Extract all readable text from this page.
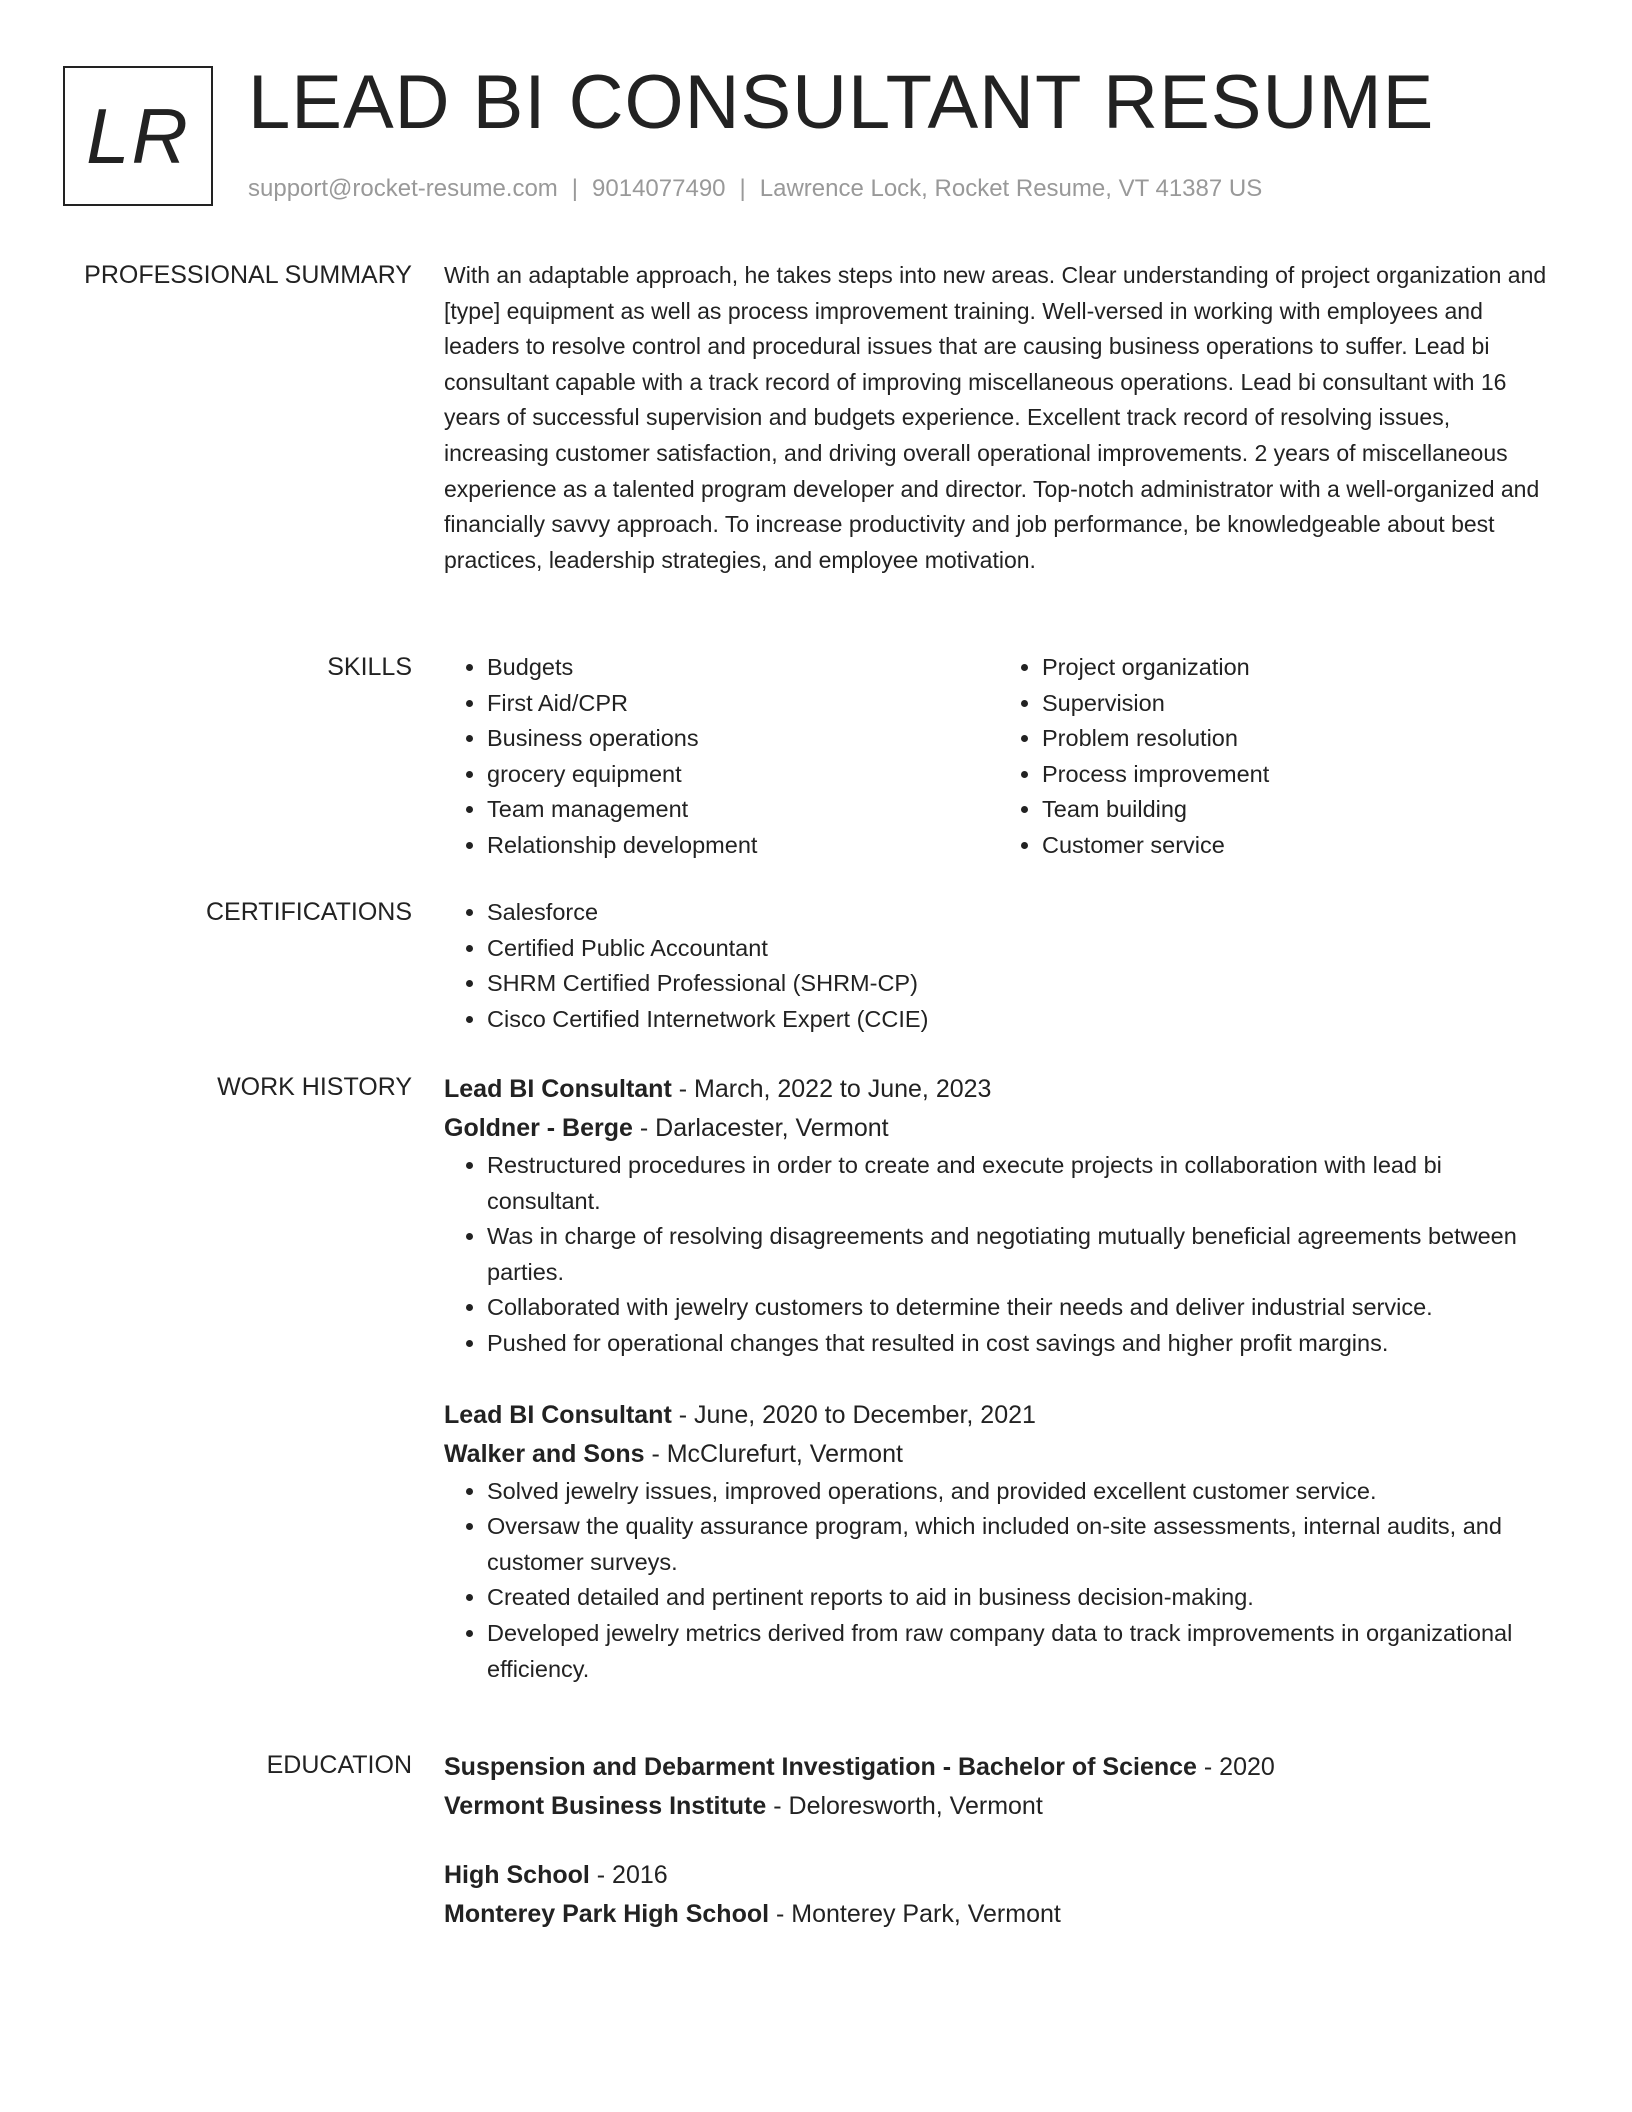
LR LEAD BI CONSULTANT RESUME
support@rocket-resume.com | 9014077490 | Lawrence Lock, Rocket Resume, VT 41387 US
PROFESSIONAL SUMMARY With an adaptable approach, he takes steps into new areas. Clear understanding of project organization and [type] equipment as well as process improvement training. Well-versed in working with employees and leaders to resolve control and procedural issues that are causing business operations to suffer. Lead bi consultant capable with a track record of improving miscellaneous operations. Lead bi consultant with 16 years of successful supervision and budgets experience. Excellent track record of resolving issues, increasing customer satisfaction, and driving overall operational improvements. 2 years of miscellaneous experience as a talented program developer and director. Top-notch administrator with a well-organized and financially savvy approach. To increase productivity and job performance, be knowledgeable about best practices, leadership strategies, and employee motivation.

SKILLS	• Budgets
• First Aid/CPR
• Business operations
• grocery equipment
• Team management
• Relationship development
• Project organization
• Supervision
• Problem resolution
• Process improvement
• Team building
• Customer service
CERTIFICATIONS	• Salesforce
• Certified Public Accountant
• SHRM Certified Professional (SHRM-CP)
• Cisco Certified Internetwork Expert (CCIE)
WORK HISTORY Lead BI Consultant - March, 2022 to June, 2023
Goldner - Berge - Darlacester, Vermont
• Restructured procedures in order to create and execute projects in collaboration with lead bi consultant.
• Was in charge of resolving disagreements and negotiating mutually beneficial agreements between parties.
• Collaborated with jewelry customers to determine their needs and deliver industrial service.
• Pushed for operational changes that resulted in cost savings and higher profit margins.
Lead BI Consultant - June, 2020 to December, 2021
Walker and Sons - McClurefurt, Vermont
• Solved jewelry issues, improved operations, and provided excellent customer service.
• Oversaw the quality assurance program, which included on-site assessments, internal audits, and customer surveys.
• Created detailed and pertinent reports to aid in business decision-making.
• Developed jewelry metrics derived from raw company data to track improvements in organizational efficiency.
EDUCATION Suspension and Debarment Investigation - Bachelor of Science - 2020
Vermont Business Institute - Deloresworth, Vermont
High School - 2016
Monterey Park High School - Monterey Park, Vermont
